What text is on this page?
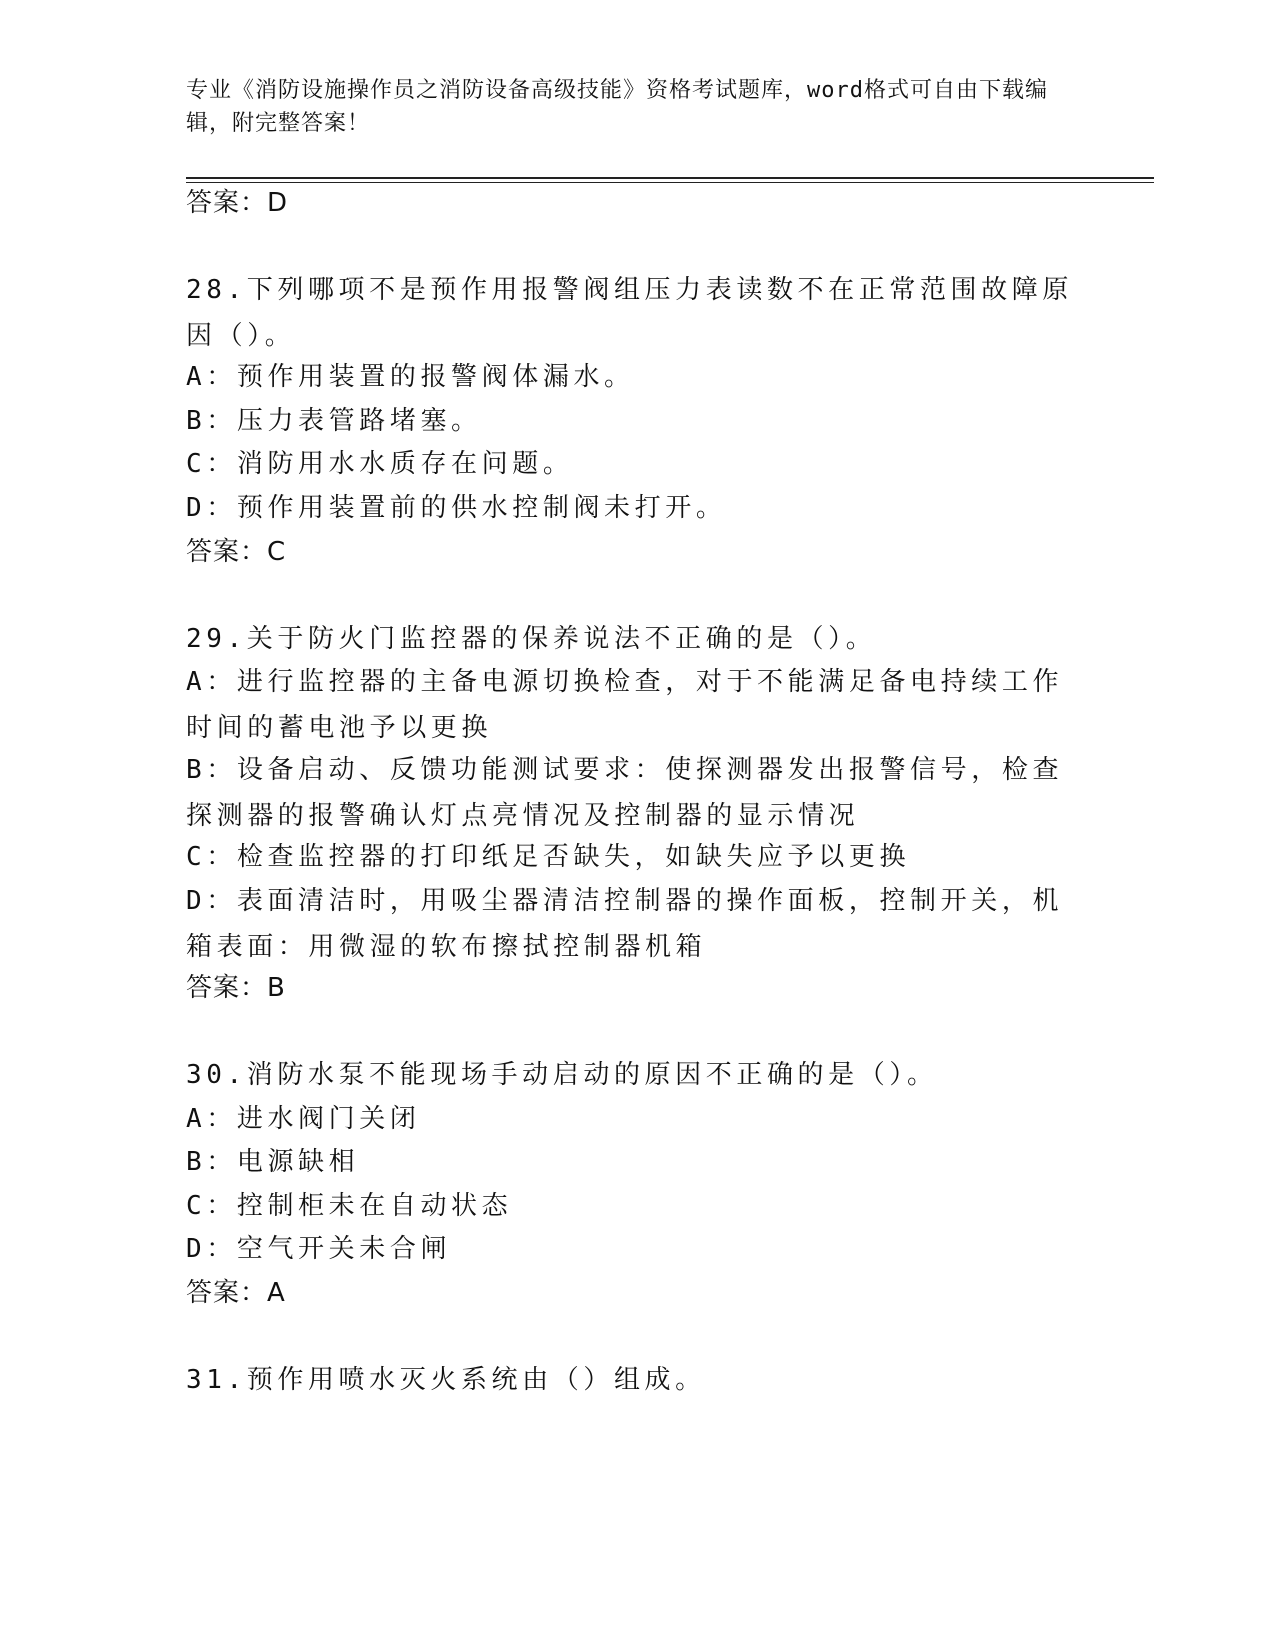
专业《消防设施操作员之消防设备高级技能》资格考试题库，word格式可自由下载编辑，附完整答案！
答案：D
28.下列哪项不是预作用报警阀组压力表读数不在正常范围故障原因（）。
A：预作用装置的报警阀体漏水。
B：压力表管路堵塞。
C：消防用水水质存在问题。
D：预作用装置前的供水控制阀未打开。
答案：C
29.关于防火门监控器的保养说法不正确的是（）。
A：进行监控器的主备电源切换检查，对于不能满足备电持续工作时间的蓄电池予以更换
B：设备启动、反馈功能测试要求：使探测器发出报警信号，检查探测器的报警确认灯点亮情况及控制器的显示情况
C：检查监控器的打印纸足否缺失，如缺失应予以更换
D：表面清洁时，用吸尘器清洁控制器的操作面板，控制开关，机箱表面：用微湿的软布擦拭控制器机箱
答案：B
30.消防水泵不能现场手动启动的原因不正确的是（）。
A：进水阀门关闭
B：电源缺相
C：控制柜未在自动状态
D：空气开关未合闸
答案：A
31.预作用喷水灭火系统由（）组成。
